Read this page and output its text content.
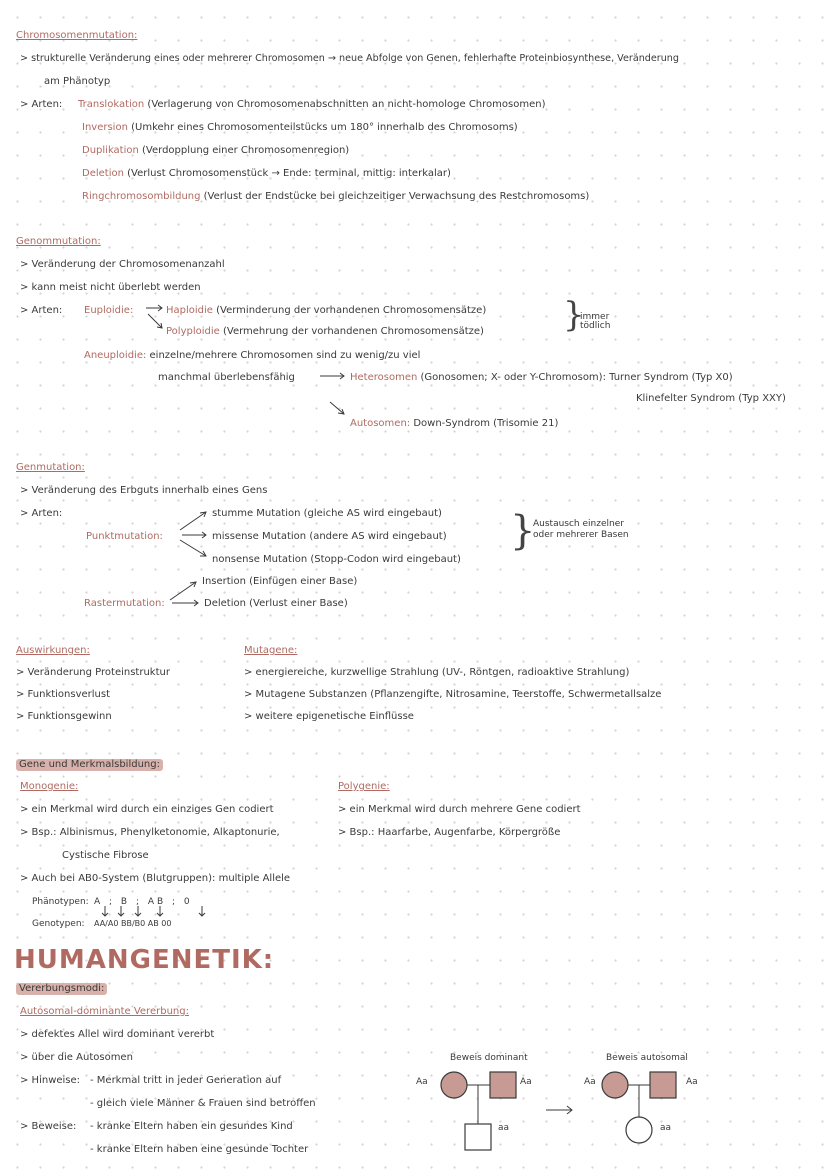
Chromosomenmutation:
> strukturelle Veränderung eines oder mehrerer Chromosomen → neue Abfolge von Genen, fehlerhafte Proteinbiosynthese, Veränderung
am Phänotyp
> Arten: Translokation (Verlagerung von Chromosomenabschnitten an nicht-homologe Chromosomen)
Inversion (Umkehr eines Chromosomenteilstücks um 180° innerhalb des Chromosoms)
Duplikation (Verdopplung einer Chromosomenregion)
Deletion (Verlust Chromosomenstück → Ende: terminal, mittig: interkalar)
Ringchromosombildung (Verlust der Endstücke bei gleichzeitiger Verwachsung des Restchromosoms)
Genommutation:
> Veränderung der Chromosomenanzahl
> kann meist nicht überlebt werden
> Arten: Euploidie:	Haploidie (Verminderung der vorhandenen Chromosomensätze)
Polyploidie (Vermehrung der vorhandenen Chromosomensätze) }
immer
tödlich
Aneuploidie: einzelne/mehrere Chromosomen sind zu wenig/zu viel
manchmal überlebensfähig	Heterosomen (Gonosomen; X- oder Y-Chromosom): Turner Syndrom (Typ X0)
Klinefelter Syndrom (Typ XXY)
Autosomen: Down-Syndrom (Trisomie 21)
Genmutation:
> Veränderung des Erbguts innerhalb eines Gens
> Arten:
Punktmutation:
stumme Mutation (gleiche AS wird eingebaut)
missense Mutation (andere AS wird eingebaut)
nonsense Mutation (Stopp-Codon wird eingebaut)
}
Austausch einzelner
oder mehrerer Basen
Rastermutation:
Insertion (Einfügen einer Base)
Deletion (Verlust einer Base)
Auswirkungen:
> Veränderung Proteinstruktur
> Funktionsverlust
> Funktionsgewinn
Mutagene:
> energiereiche, kurzwellige Strahlung (UV-, Röntgen, radioaktive Strahlung)
> Mutagene Substanzen (Pflanzengifte, Nitrosamine, Teerstoffe, Schwermetallsalze
> weitere epigenetische Einflüsse
Gene und Merkmalsbildung:
Monogenie:
> ein Merkmal wird durch ein einziges Gen codiert
> Bsp.: Albinismus, Phenylketonomie, Alkaptonurie,
Cystische Fibrose
> Auch bei AB0-System (Blutgruppen): multiple Allele
Phänotypen: A ; B ; AB ; 0
Genotypen: AA/A0 BB/B0 AB 00
Polygenie:
> ein Merkmal wird durch mehrere Gene codiert
> Bsp.: Haarfarbe, Augenfarbe, Körpergröße
HUMANGENETIK:
Vererbungsmodi:
Autosomal-dominante Vererbung:
> defektes Allel wird dominant vererbt
> über die Autosomen
> Hinweise: - Merkmal tritt in jeder Generation auf
- gleich viele Männer & Frauen sind betroffen
> Beweise: - kranke Eltern haben ein gesundes Kind
- kranke Eltern haben eine gesunde Tochter
Beweis dominant	Beweis autosomal
Aa	Aa
aa
Aa	Aa
aa
